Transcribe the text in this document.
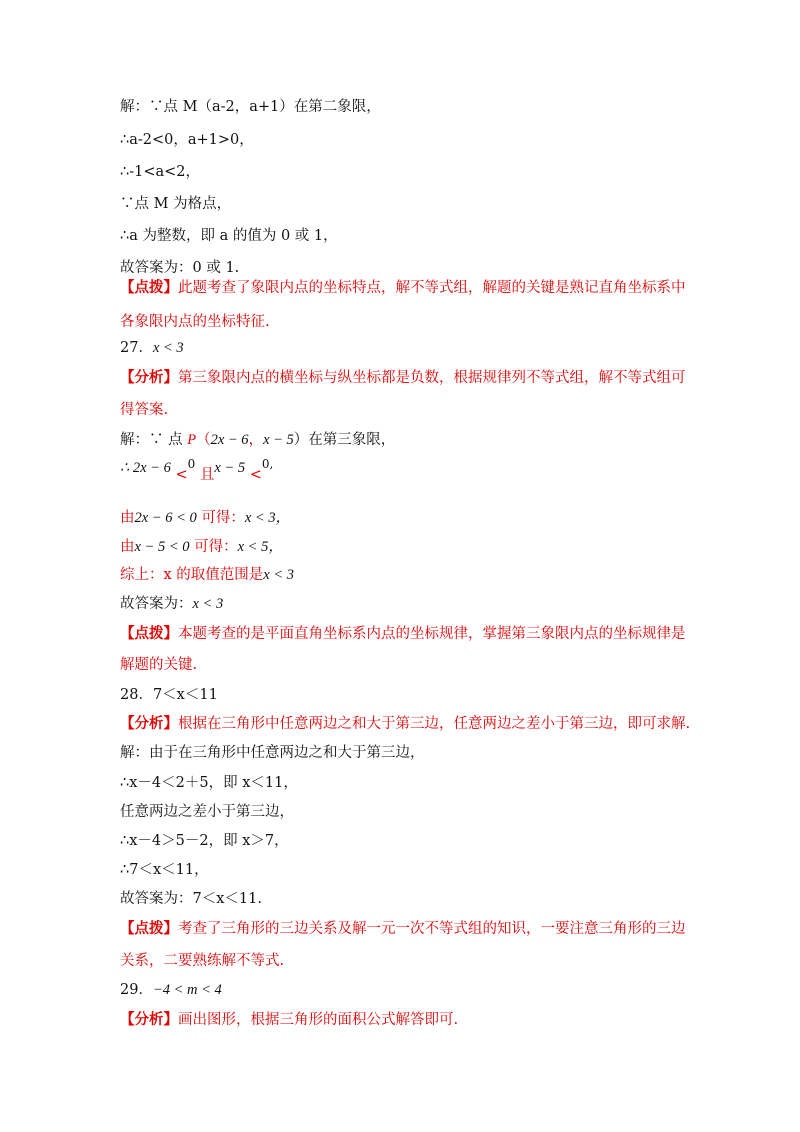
解：∵点 M（a‐2，a+1）在第二象限，
∴a‐2<0，a+1>0，
∴‐1<a<2，
∵点 M 为格点，
∴a 为整数，即 a 的值为 0 或 1，
故答案为：0 或 1.
【点拨】此题考查了象限内点的坐标特点，解不等式组，解题的关键是熟记直角坐标系中
各象限内点的坐标特征.
27．x < 3
【分析】第三象限内点的横坐标与纵坐标都是负数，根据规律列不等式组，解不等式组可
得答案.
解：∵ 点 P（2x − 6，x − 5）在第三象限，
∴ 2x − 6 <$^0$ 且x − 5 <$^{0,}$
由2x − 6 < 0 可得：x < 3，
由x − 5 < 0 可得：x < 5，
综上：x 的取值范围是x < 3
故答案为：x < 3
【点拨】本题考查的是平面直角坐标系内点的坐标规律，掌握第三象限内点的坐标规律是
解题的关键.
28．7＜x＜11
【分析】根据在三角形中任意两边之和大于第三边，任意两边之差小于第三边，即可求解.
解：由于在三角形中任意两边之和大于第三边，
∴x－4＜2＋5，即 x＜11，
任意两边之差小于第三边，
∴x－4＞5－2，即 x＞7，
∴7＜x＜11，
故答案为：7＜x＜11.
【点拨】考查了三角形的三边关系及解一元一次不等式组的知识，一要注意三角形的三边
关系，二要熟练解不等式.
29．−4 < m < 4
【分析】画出图形，根据三角形的面积公式解答即可.
